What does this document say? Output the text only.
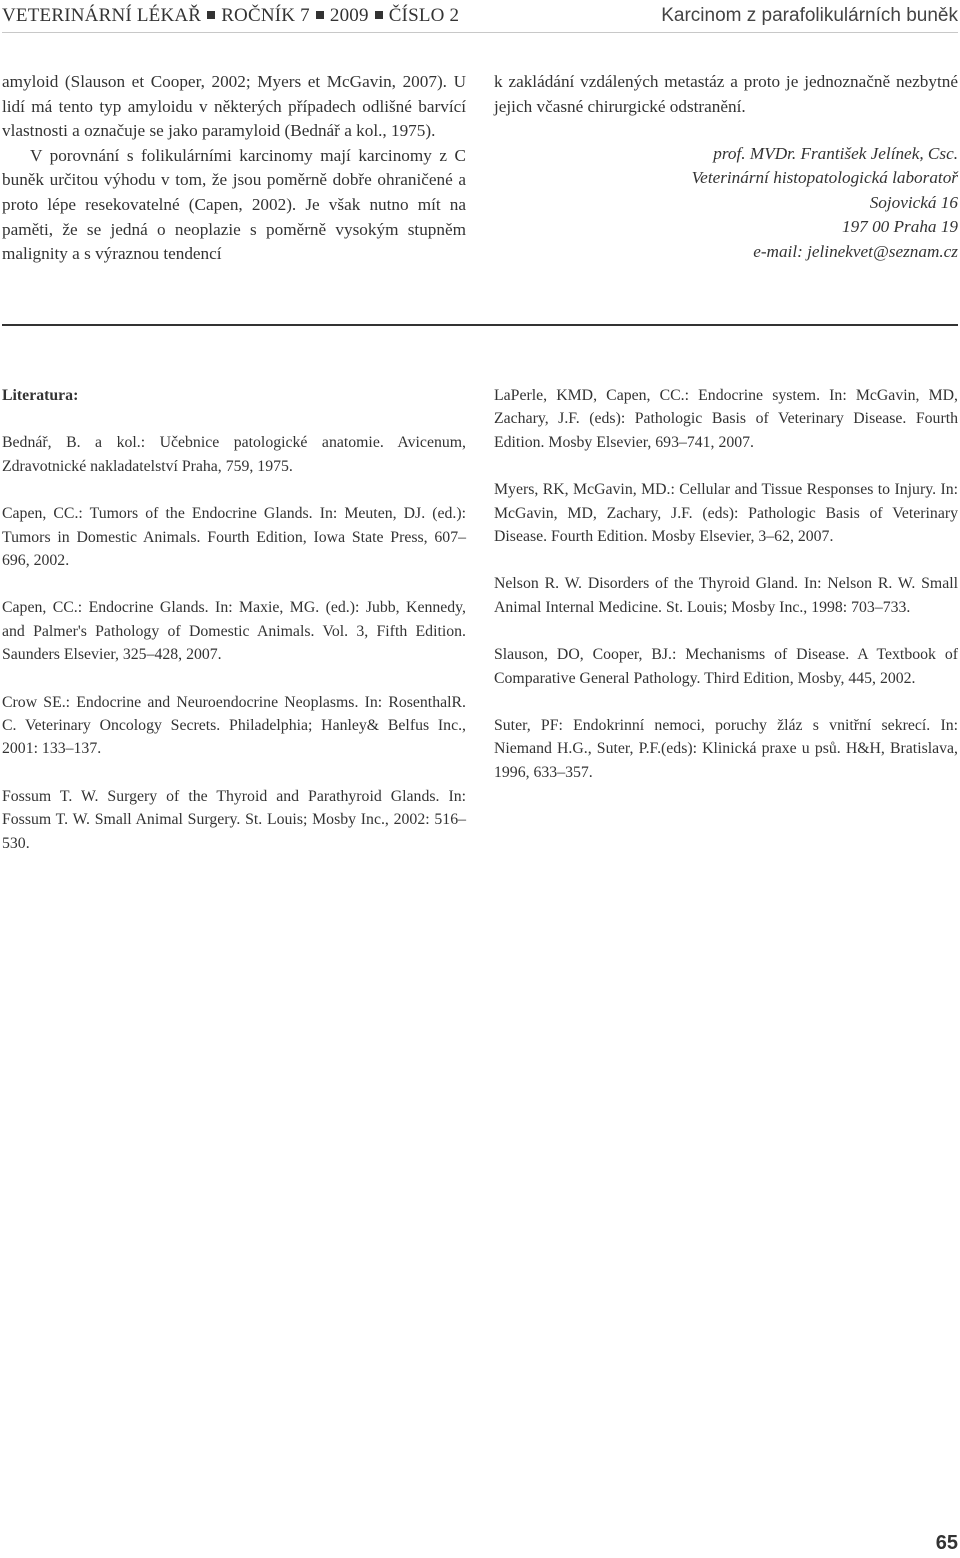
VETERINÁRNÍ LÉKAŘ ROČNÍK 7 2009 ČÍSLO 2	Karcinom z parafolikulárních buněk

amyloid (Slauson et Cooper, 2002; Myers et McGavin, 2007). U lidí má tento typ amyloidu v některých případech odlišné barvící vlastnosti a označuje se jako paramyloid (Bednář a kol., 1975).

V porovnání s folikulárními karcinomy mají karcinomy z C buněk určitou výhodu v tom, že jsou poměrně dobře ohraničené a proto lépe resekovatelné (Capen, 2002). Je však nutno mít na paměti, že se jedná o neoplazie s poměrně vysokým stupněm malignity a s výraznou tendencí

k zakládání vzdálených metastáz a proto je jednoznačně nezbytné jejich včasné chirurgické odstranění.

prof. MVDr. František Jelínek, Csc.
Veterinární histopatologická laboratoř
Sojovická 16
197 00 Praha 19
e-mail: jelinekvet@seznam.cz
Literatura:

Bednář, B. a kol.: Učebnice patologické anatomie. Avicenum, Zdravotnické nakladatelství Praha, 759, 1975.

Capen, CC.: Tumors of the Endocrine Glands. In: Meuten, DJ. (ed.): Tumors in Domestic Animals. Fourth Edition, Iowa State Press, 607–696, 2002.

Capen, CC.: Endocrine Glands. In: Maxie, MG. (ed.): Jubb, Kennedy, and Palmer's Pathology of Domestic Animals. Vol. 3, Fifth Edition. Saunders Elsevier, 325–428, 2007.

Crow SE.: Endocrine and Neuroendocrine Neoplasms. In: RosenthalR. C. Veterinary Oncology Secrets. Philadelphia; Hanley& Belfus Inc., 2001: 133–137.

Fossum T. W. Surgery of the Thyroid and Parathyroid Glands. In: Fossum T. W. Small Animal Surgery. St. Louis; Mosby Inc., 2002: 516–530.

LaPerle, KMD, Capen, CC.: Endocrine system. In: McGavin, MD, Zachary, J.F. (eds): Pathologic Basis of Veterinary Disease. Fourth Edition. Mosby Elsevier, 693–741, 2007.

Myers, RK, McGavin, MD.: Cellular and Tissue Responses to Injury. In: McGavin, MD, Zachary, J.F. (eds): Pathologic Basis of Veterinary Disease. Fourth Edition. Mosby Elsevier, 3–62, 2007.

Nelson R. W. Disorders of the Thyroid Gland. In: Nelson R. W. Small Animal Internal Medicine. St. Louis; Mosby Inc., 1998: 703–733.

Slauson, DO, Cooper, BJ.: Mechanisms of Disease. A Textbook of Comparative General Pathology. Third Edition, Mosby, 445, 2002.

Suter, PF: Endokrinní nemoci, poruchy žláz s vnitřní sekrecí. In: Niemand H.G., Suter, P.F.(eds): Klinická praxe u psů. H&H, Bratislava, 1996, 633–357.

65
